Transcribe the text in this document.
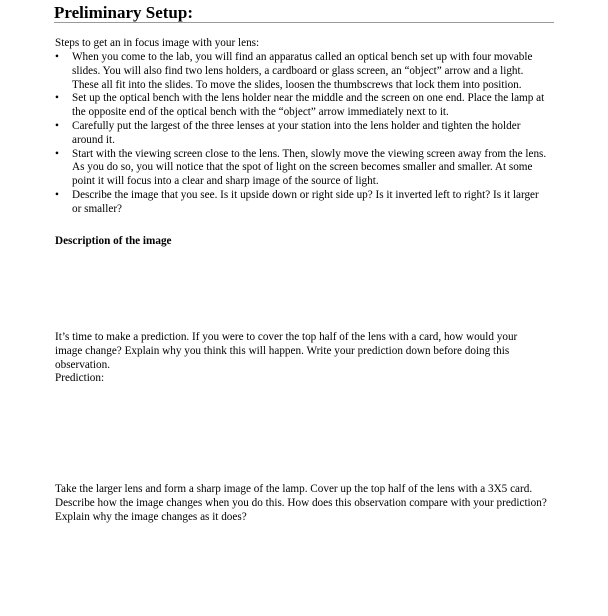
Preliminary Setup:
Steps to get an in focus image with your lens:
•	When you come to the lab, you will find an apparatus called an optical bench set up with four movable slides. You will also find two lens holders, a cardboard or glass screen, an “object” arrow and a light. These all fit into the slides. To move the slides, loosen the thumbscrews that lock them into position.
•	Set up the optical bench with the lens holder near the middle and the screen on one end. Place the lamp at the opposite end of the optical bench with the “object” arrow immediately next to it.
•	Carefully put the largest of the three lenses at your station into the lens holder and tighten the holder around it.
•	Start with the viewing screen close to the lens. Then, slowly move the viewing screen away from the lens. As you do so, you will notice that the spot of light on the screen becomes smaller and smaller. At some point it will focus into a clear and sharp image of the source of light.
•	Describe the image that you see. Is it upside down or right side up? Is it inverted left to right? Is it larger or smaller?
Description of the image

It’s time to make a prediction. If you were to cover the top half of the lens with a card, how would your image change? Explain why you think this will happen. Write your prediction down before doing this observation.

Prediction:

Take the larger lens and form a sharp image of the lamp. Cover up the top half of the lens with a 3X5 card. Describe how the image changes when you do this. How does this observation compare with your prediction? Explain why the image changes as it does?
